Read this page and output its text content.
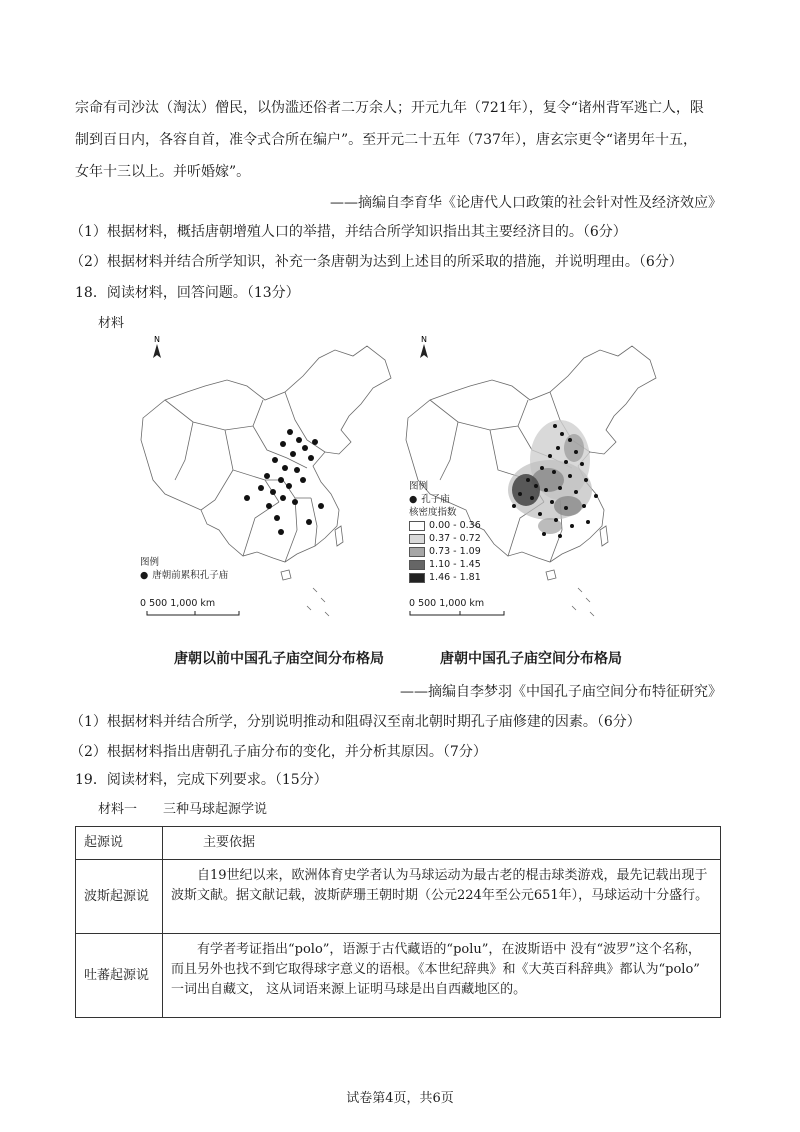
宗命有司沙汰（淘汰）僧民，以伪滥还俗者二万余人；开元九年（721年），复令“诸州背军逃亡人，限
制到百日内，各容自首，准令式合所在编户”。至开元二十五年（737年），唐玄宗更令“诸男年十五，
女年十三以上。并听婚嫁”。
——摘编自李育华《论唐代人口政策的社会针对性及经济效应》
（1）根据材料，概括唐朝增殖人口的举措，并结合所学知识指出其主要经济目的。（6分）
（2）根据材料并结合所学知识，补充一条唐朝为达到上述目的所采取的措施，并说明理由。（6分）
18．阅读材料，回答问题。（13分）
材料
N
图例
● 唐朝前累积孔子庙
0 500 1,000 km
N
图例
● 孔子庙
核密度指数
0.00 - 0.36
0.37 - 0.72
0.73 - 1.09
1.10 - 1.45
1.46 - 1.81
0 500 1,000 km
唐朝以前中国孔子庙空间分布格局	唐朝中国孔子庙空间分布格局
——摘编自李梦羽《中国孔子庙空间分布特征研究》
（1）根据材料并结合所学，分别说明推动和阻碍汉至南北朝时期孔子庙修建的因素。（6分）
（2）根据材料指出唐朝孔子庙分布的变化，并分析其原因。（7分）
19．阅读材料，完成下列要求。（15分）
材料一　　三种马球起源学说
起源说	主要依据
波斯起源说	自19世纪以来，欧洲体育史学者认为马球运动为最古老的棍击球类游戏，最先记载出现于波斯文献。据文献记载，波斯萨珊王朝时期（公元224年至公元651年），马球运动十分盛行。
吐蕃起源说	有学者考证指出“polo”，语源于古代藏语的“polu”，在波斯语中 没有“波罗”这个名称，而且另外也找不到它取得球字意义的语根。《本世纪辞典》和《大英百科辞典》都认为“polo” 一词出自藏文， 这从词语来源上证明马球是出自西藏地区的。
试卷第4页，共6页
